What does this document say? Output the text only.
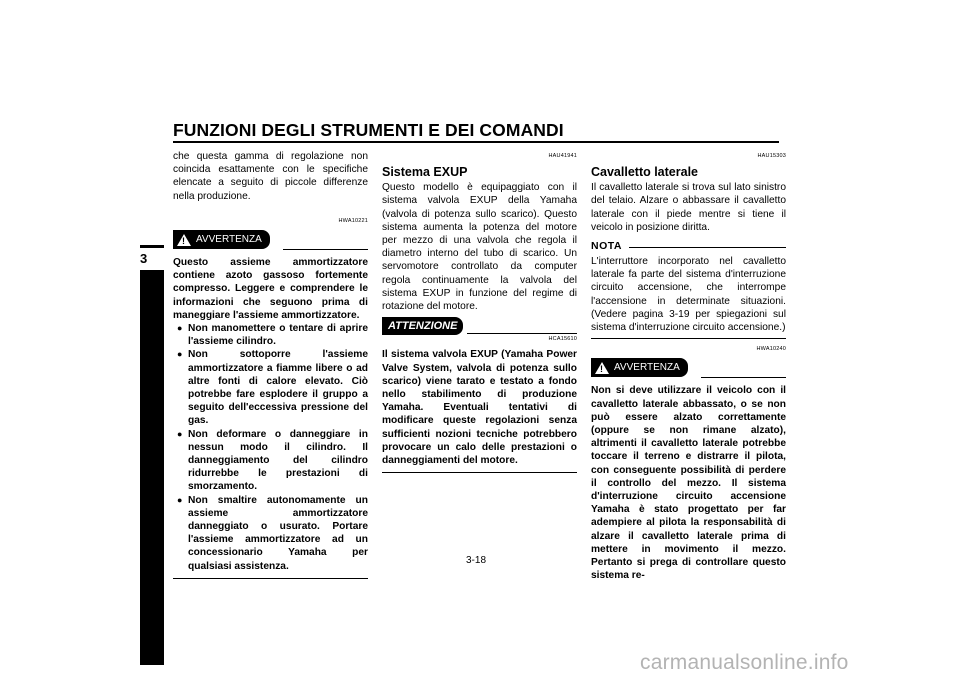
FUNZIONI DEGLI STRUMENTI E DEI COMANDI
3

che questa gamma di regolazione non coincida esattamente con le specifiche elencate a seguito di piccole differenze nella produzione.

HWA10221
! AVVERTENZA
Questo assieme ammortizzatore contiene azoto gassoso fortemente compresso. Leggere e comprendere le informazioni che seguono prima di maneggiare l'assieme ammortizzatore.
● Non manomettere o tentare di aprire l'assieme cilindro.
● Non sottoporre l'assieme ammortizzatore a fiamme libere o ad altre fonti di calore elevato. Ciò potrebbe fare esplodere il gruppo a seguito dell'eccessiva pressione del gas.
● Non deformare o danneggiare in nessun modo il cilindro. Il danneggiamento del cilindro ridurrebbe le prestazioni di smorzamento.
● Non smaltire autonomamente un assieme ammortizzatore danneggiato o usurato. Portare l'assieme ammortizzatore ad un concessionario Yamaha per qualsiasi assistenza.
HAU41941
Sistema EXUP

Questo modello è equipaggiato con il sistema valvola EXUP della Yamaha (valvola di potenza sullo scarico). Questo sistema aumenta la potenza del motore per mezzo di una valvola che regola il diametro interno del tubo di scarico. Un servomotore controllato da computer regola continuamente la valvola del sistema EXUP in funzione del regime di rotazione del motore.

ATTENZIONE
HCA15610
Il sistema valvola EXUP (Yamaha Power Valve System, valvola di potenza sullo scarico) viene tarato e testato a fondo nello stabilimento di produzione Yamaha. Eventuali tentativi di modificare queste regolazioni senza sufficienti nozioni tecniche potrebbero provocare un calo delle prestazioni o danneggiamenti del motore.
HAU15303
Cavalletto laterale

Il cavalletto laterale si trova sul lato sinistro del telaio. Alzare o abbassare il cavalletto laterale con il piede mentre si tiene il veicolo in posizione diritta.

NOTA

L'interruttore incorporato nel cavalletto laterale fa parte del sistema d'interruzione circuito accensione, che interrompe l'accensione in determinate situazioni. (Vedere pagina 3-19 per spiegazioni sul sistema d'interruzione circuito accensione.)

HWA10240
! AVVERTENZA
Non si deve utilizzare il veicolo con il cavalletto laterale abbassato, o se non può essere alzato correttamente (oppure se non rimane alzato), altrimenti il cavalletto laterale potrebbe toccare il terreno e distrarre il pilota, con conseguente possibilità di perdere il controllo del mezzo. Il sistema d'interruzione circuito accensione Yamaha è stato progettato per far adempiere al pilota la responsabilità di alzare il cavalletto laterale prima di mettere in movimento il mezzo. Pertanto si prega di controllare questo sistema re-
3-18
carmanualsonline.info
